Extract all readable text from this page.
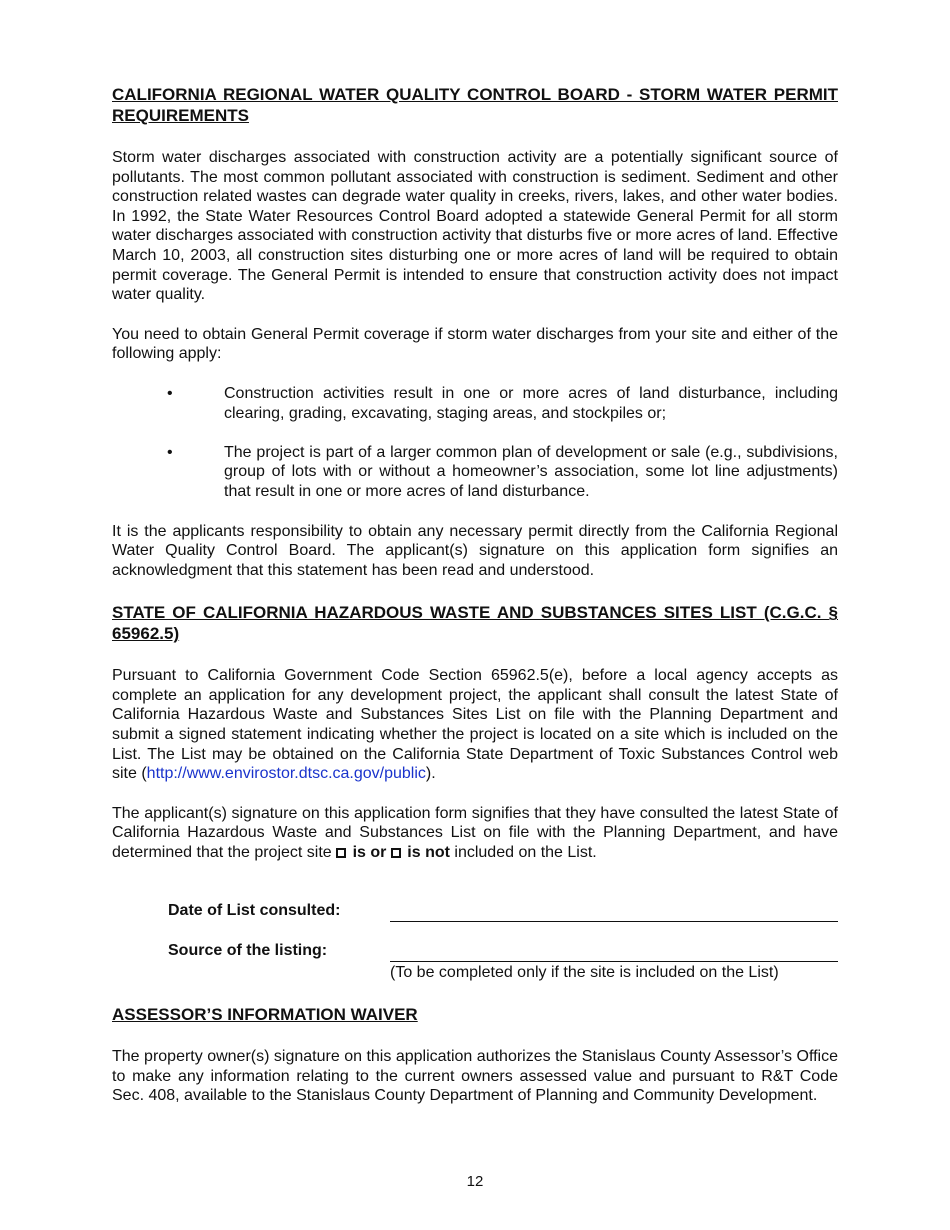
CALIFORNIA REGIONAL WATER QUALITY CONTROL BOARD - STORM WATER PERMIT REQUIREMENTS

Storm water discharges associated with construction activity are a potentially significant source of pollutants. The most common pollutant associated with construction is sediment. Sediment and other construction related wastes can degrade water quality in creeks, rivers, lakes, and other water bodies. In 1992, the State Water Resources Control Board adopted a statewide General Permit for all storm water discharges associated with construction activity that disturbs five or more acres of land. Effective March 10, 2003, all construction sites disturbing one or more acres of land will be required to obtain permit coverage. The General Permit is intended to ensure that construction activity does not impact water quality.

You need to obtain General Permit coverage if storm water discharges from your site and either of the following apply:

•	Construction activities result in one or more acres of land disturbance, including clearing, grading, excavating, staging areas, and stockpiles or;
•	The project is part of a larger common plan of development or sale (e.g., subdivisions, group of lots with or without a homeowner’s association, some lot line adjustments) that result in one or more acres of land disturbance.

It is the applicants responsibility to obtain any necessary permit directly from the California Regional Water Quality Control Board. The applicant(s) signature on this application form signifies an acknowledgment that this statement has been read and understood.

STATE OF CALIFORNIA HAZARDOUS WASTE AND SUBSTANCES SITES LIST (C.G.C. § 65962.5)

Pursuant to California Government Code Section 65962.5(e), before a local agency accepts as complete an application for any development project, the applicant shall consult the latest State of California Hazardous Waste and Substances Sites List on file with the Planning Department and submit a signed statement indicating whether the project is located on a site which is included on the List. The List may be obtained on the California State Department of Toxic Substances Control web site (http://www.envirostor.dtsc.ca.gov/public).

The applicant(s) signature on this application form signifies that they have consulted the latest State of California Hazardous Waste and Substances List on file with the Planning Department, and have determined that the project site  is or is not included on the List.

Date of List consulted:
Source of the listing:

(To be completed only if the site is included on the List)

ASSESSOR’S INFORMATION WAIVER

The property owner(s) signature on this application authorizes the Stanislaus County Assessor’s Office to make any information relating to the current owners assessed value and pursuant to R&T Code Sec. 408, available to the Stanislaus County Department of Planning and Community Development.

12
